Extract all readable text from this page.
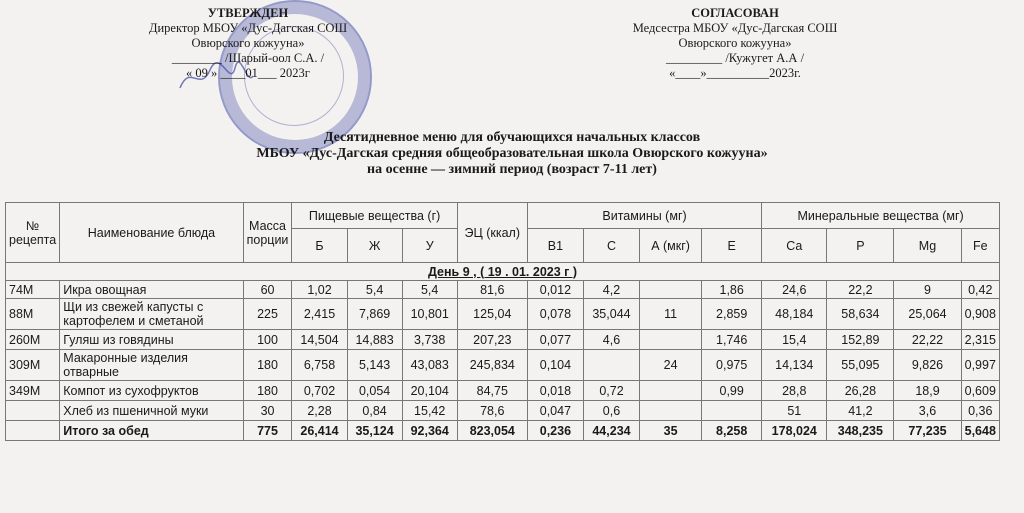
УТВЕРЖДЕН
Директор МБОУ «Дус-Дагская СОШ
Овюрского кожууна»
________ /Шарый-оол С.А. /
« 09 » ____01___ 2023г
СОГЛАСОВАН
Медсестра МБОУ «Дус-Дагская СОШ
Овюрского кожууна»
_________ /Кужугет А.А /
«____»__________2023г.
Десятидневное меню для обучающихся начальных классов
МБОУ «Дус-Дагская средняя общеобразовательная школа Овюрского кожууна»
на осенне — зимний период (возраст 7-11 лет)
№ рецепта	Наименование блюда	Масса порции	Пищевые вещества (г)			ЭЦ (ккал)	Витамины (мг)				Минеральные вещества (мг)			
			Б	Ж	У		В1	С	А (мкг)	Е	Са	Р	Mg	Fe
День 9 , ( 19 . 01. 2023 г )														
74М	Икра овощная	60	1,02	5,4	5,4	81,6	0,012	4,2		1,86	24,6	22,2	9	0,42
88М	Щи из свежей капусты с картофелем и сметаной	225	2,415	7,869	10,801	125,04	0,078	35,044	11	2,859	48,184	58,634	25,064	0,908
260М	Гуляш из говядины	100	14,504	14,883	3,738	207,23	0,077	4,6		1,746	15,4	152,89	22,22	2,315
309М	Макаронные изделия отварные	180	6,758	5,143	43,083	245,834	0,104		24	0,975	14,134	55,095	9,826	0,997
349М	Компот из сухофруктов	180	0,702	0,054	20,104	84,75	0,018	0,72		0,99	28,8	26,28	18,9	0,609
	Хлеб из пшеничной муки	30	2,28	0,84	15,42	78,6	0,047	0,6			51	41,2	3,6	0,36
	Итого за обед	775	26,414	35,124	92,364	823,054	0,236	44,234	35	8,258	178,024	348,235	77,235	5,648
